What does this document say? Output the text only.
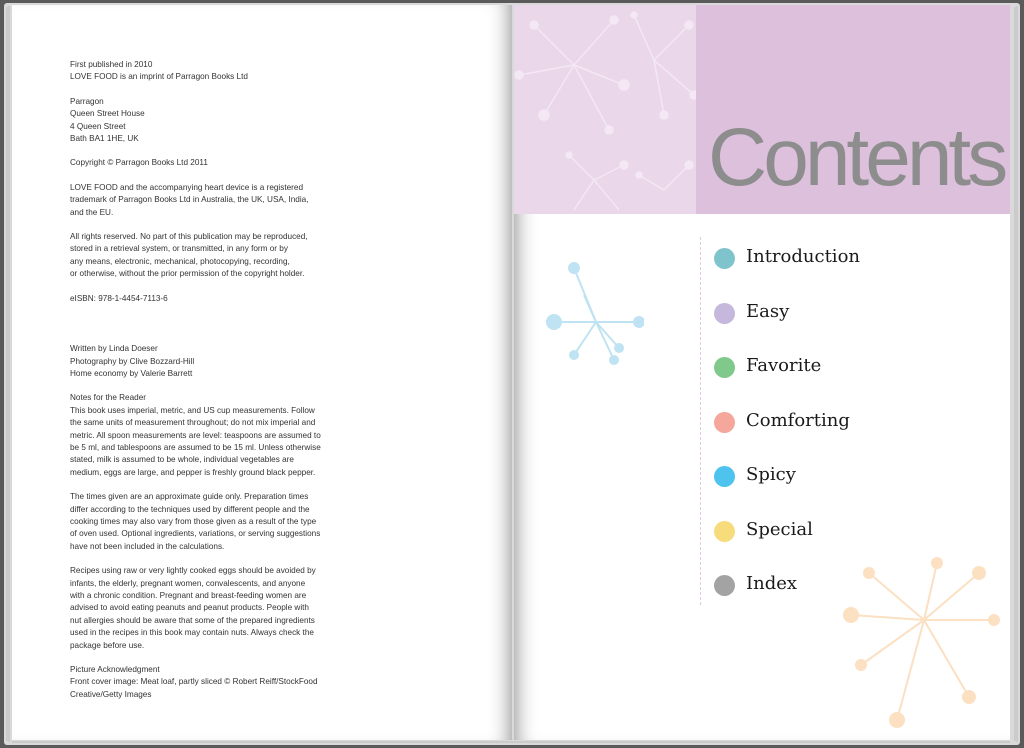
First published in 2010
LOVE FOOD is an imprint of Parragon Books Ltd

Parragon
Queen Street House
4 Queen Street
Bath BA1 1HE, UK

Copyright © Parragon Books Ltd 2011

LOVE FOOD and the accompanying heart device is a registered
trademark of Parragon Books Ltd in Australia, the UK, USA, India,
and the EU.

All rights reserved. No part of this publication may be reproduced,
stored in a retrieval system, or transmitted, in any form or by
any means, electronic, mechanical, photocopying, recording,
or otherwise, without the prior permission of the copyright holder.

eISBN: 978-1-4454-7113-6

Written by Linda Doeser
Photography by Clive Bozzard-Hill
Home economy by Valerie Barrett

Notes for the Reader
This book uses imperial, metric, and US cup measurements. Follow
the same units of measurement throughout; do not mix imperial and
metric. All spoon measurements are level: teaspoons are assumed to
be 5 ml, and tablespoons are assumed to be 15 ml. Unless otherwise
stated, milk is assumed to be whole, individual vegetables are
medium, eggs are large, and pepper is freshly ground black pepper.

The times given are an approximate guide only. Preparation times
differ according to the techniques used by different people and the
cooking times may also vary from those given as a result of the type
of oven used. Optional ingredients, variations, or serving suggestions
have not been included in the calculations.

Recipes using raw or very lightly cooked eggs should be avoided by
infants, the elderly, pregnant women, convalescents, and anyone
with a chronic condition. Pregnant and breast-feeding women are
advised to avoid eating peanuts and peanut products. People with
nut allergies should be aware that some of the prepared ingredients
used in the recipes in this book may contain nuts. Always check the
package before use.

Picture Acknowledgment
Front cover image: Meat loaf, partly sliced © Robert Reiff/StockFood
Creative/Getty Images

Contents
Introduction
Easy
Favorite
Comforting
Spicy
Special
Index
